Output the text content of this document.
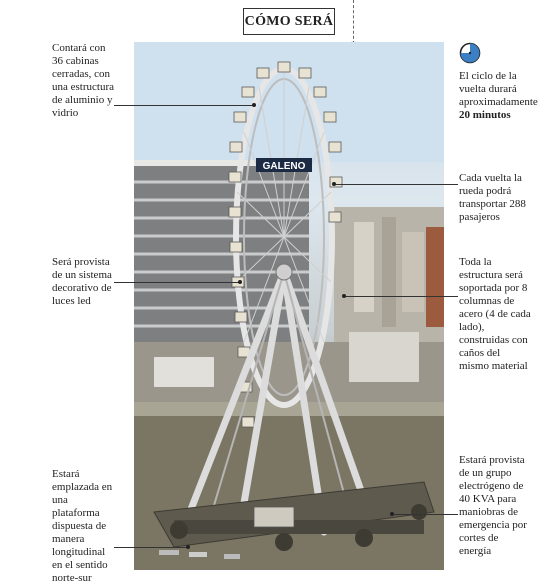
CÓMO SERÁ
GALENO
Contará con 36 cabinas cerradas, con una estructura de aluminio y vidrio
Será provista de un sistema decorativo de luces led
Estará emplazada en una plataforma dispuesta de manera longitudinal en el sentido norte-sur
El ciclo de la vuelta durará aproximadamente
20 minutos
Cada vuelta la rueda podrá transportar 288 pasajeros
Toda la estructura será soportada por 8 columnas de acero (4 de cada lado), construidas con caños del mismo material
Estará provista de un grupo electrógeno de 40 KVA para maniobras de emergencia por cortes de energía
